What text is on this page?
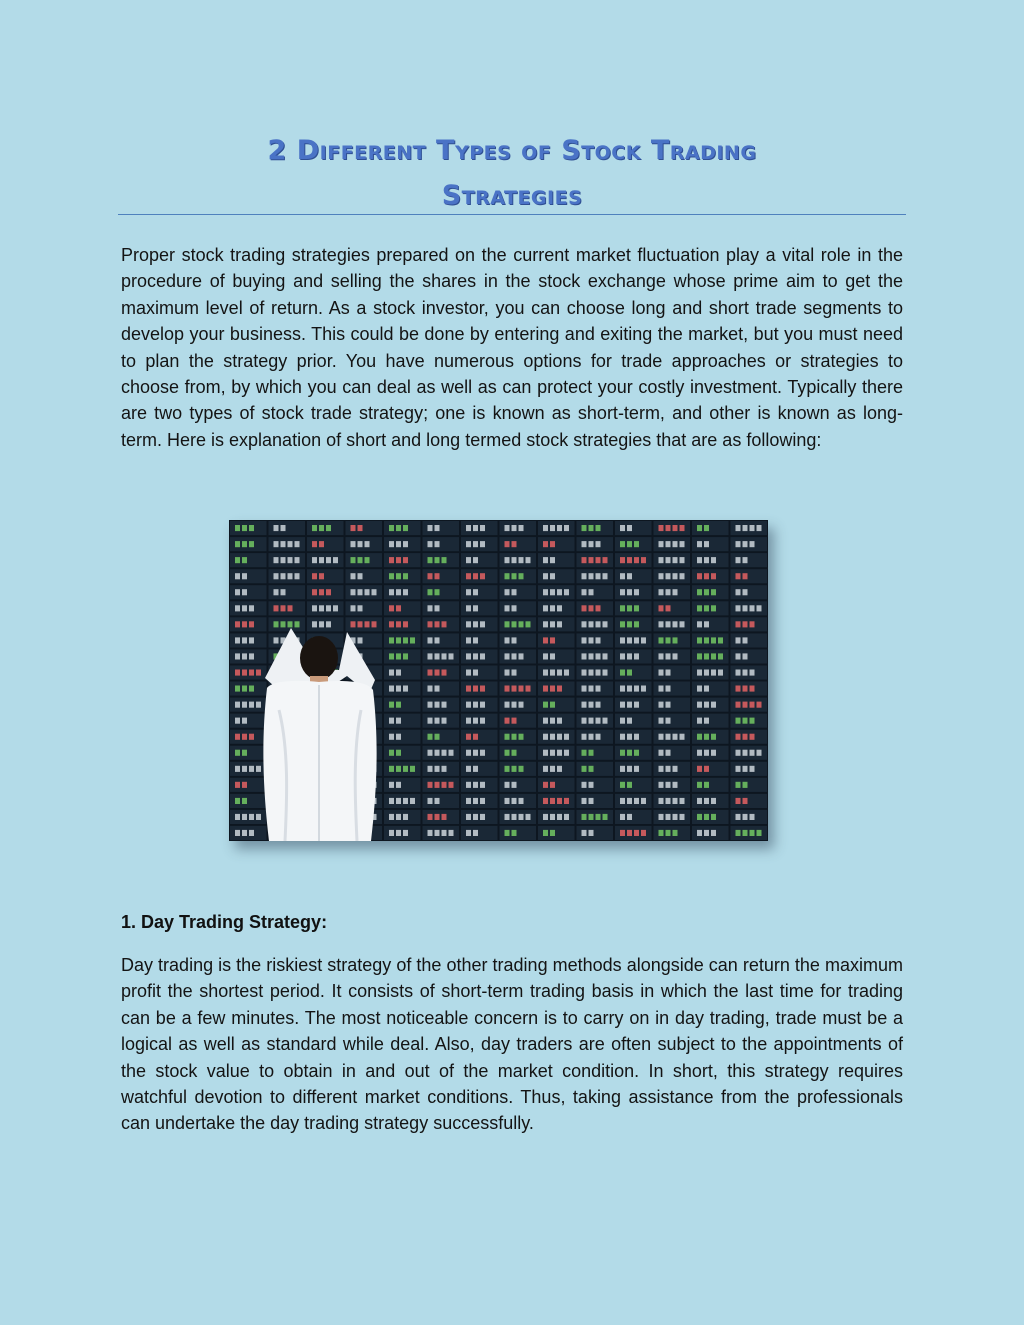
2 Different Types of Stock Trading
Strategies

Proper stock trading strategies prepared on the current market fluctuation play a vital role in the procedure of buying and selling the shares in the stock exchange whose prime aim to get the maximum level of return. As a stock investor, you can choose long and short trade segments to develop your business. This could be done by entering and exiting the market, but you must need to plan the strategy prior. You have numerous options for trade approaches or strategies to choose from, by which you can deal as well as can protect your costly investment. Typically there are two types of stock trade strategy; one is known as short-term, and other is known as long-term. Here is explanation of short and long termed stock strategies that are as following:

1. Day Trading Strategy:

Day trading is the riskiest strategy of the other trading methods alongside can return the maximum profit the shortest period. It consists of short-term trading basis in which the last time for trading can be a few minutes. The most noticeable concern is to carry on in day trading, trade must be a logical as well as standard while deal. Also, day traders are often subject to the appointments of the stock value to obtain in and out of the market condition. In short, this strategy requires watchful devotion to different market conditions. Thus, taking assistance from the professionals can undertake the day trading strategy successfully.
